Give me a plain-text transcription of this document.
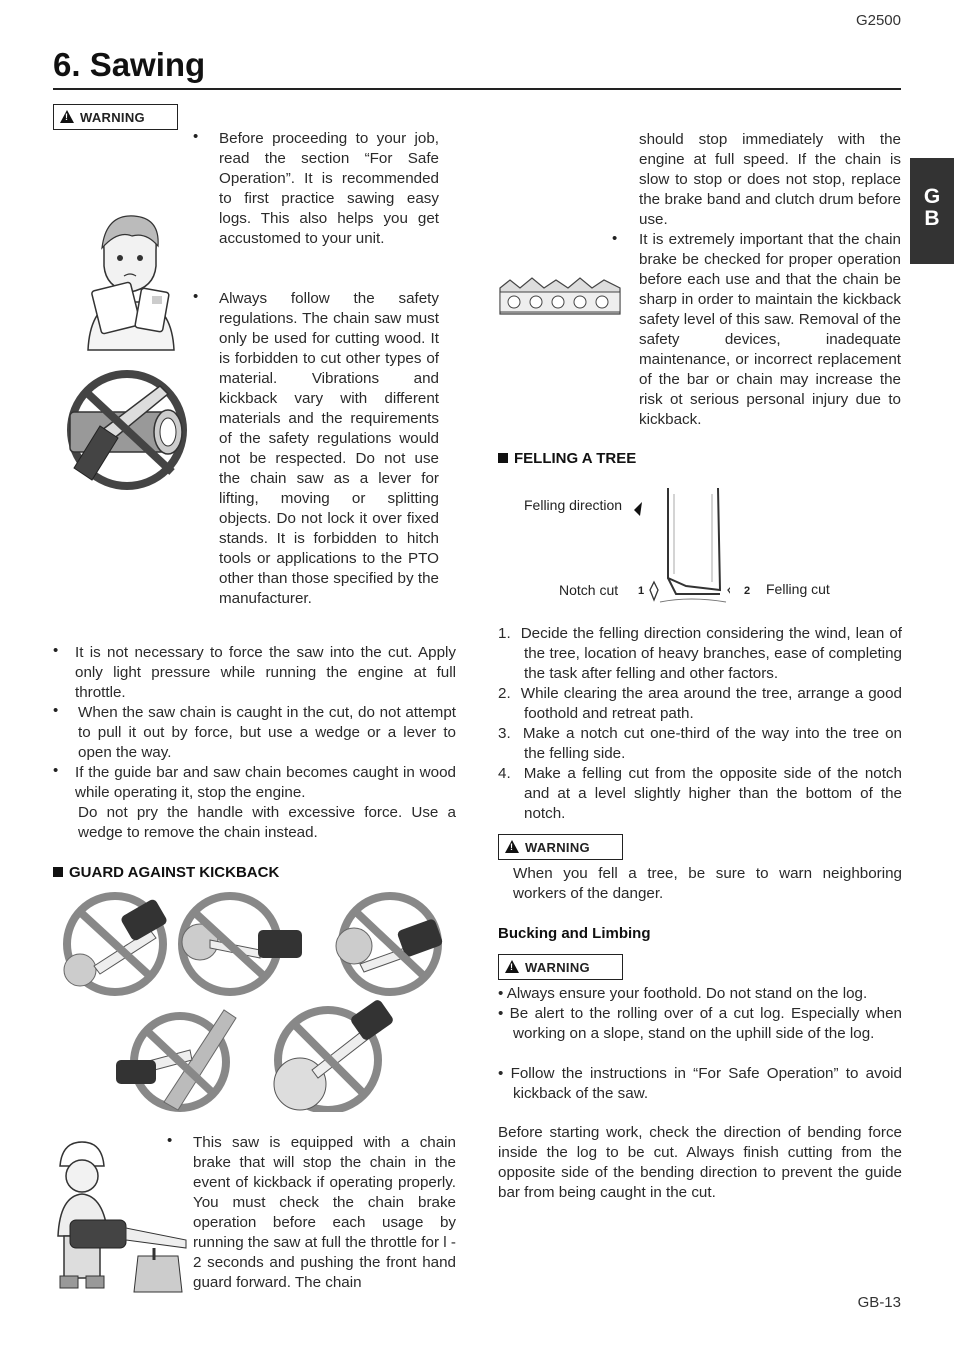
G2500
6. Sawing
G
B
!WARNING
• Before proceeding to your job, read the section “For Safe Operation”. It is recommended to first practice sawing easy logs. This also helps you get accustomed to your unit.
• Always follow the safety regulations. The chain saw must only be used for cutting wood. It is forbidden to cut other types of material. Vibrations and kickback vary with different materials and the requirements of the safety regulations would not be respected. Do not use the chain saw as a lever for lifting, moving or splitting objects. Do not lock it over fixed stands. It is forbidden to hitch tools or applications to the PTO other than those specified by the manufacturer.
• It is not necessary to force the saw into the cut. Apply only light pressure while running the engine at full throttle.
• When the saw chain is caught in the cut, do not attempt to pull it out by force, but use a wedge or a lever to open the way.
• If the guide bar and saw chain becomes caught in wood while operating it, stop the engine.
Do not pry the handle with excessive force. Use a wedge to remove the chain instead.
GUARD AGAINST KICKBACK
• This saw is equipped with a chain brake that will stop the chain in the event of kickback if operating properly. You must check the chain brake operation before each usage by running the saw at full the throttle for l - 2 seconds and pushing the front hand guard forward. The chain
should stop immediately with the engine at full speed. If the chain is slow to stop or does not stop, replace the brake band and clutch drum before use.
• It is extremely important that the chain brake be checked for proper operation before each use and that the chain be sharp in order to maintain the kickback safety level of this saw. Removal of the safety devices, inadequate maintenance, or incorrect replacement of the bar or chain may increase the risk ot serious personal injury due to kickback.
FELLING A TREE
Felling direction
Notch cut	Felling cut
1	2
1. Decide the felling direction considering the wind, lean of the tree, location of heavy branches, ease of completing the task after felling and other factors.
2. While clearing the area around the tree, arrange a good foothold and retreat path.
3. Make a notch cut one-third of the way into the tree on the felling side.
4. Make a felling cut from the opposite side of the notch and at a level slightly higher than the bottom of the notch.
!WARNING
When you fell a tree, be sure to warn neighboring workers of the danger.
Bucking and Limbing
!WARNING
• Always ensure your foothold. Do not stand on the log.
• Be alert to the rolling over of a cut log. Especially when working on a slope, stand on the uphill side of the log.
• Follow the instructions in “For Safe Operation” to avoid kickback of the saw.
Before starting work, check the direction of bending force inside the log to be cut. Always finish cutting from the opposite side of the bending direction to prevent the guide bar from being caught in the cut.
GB-13
